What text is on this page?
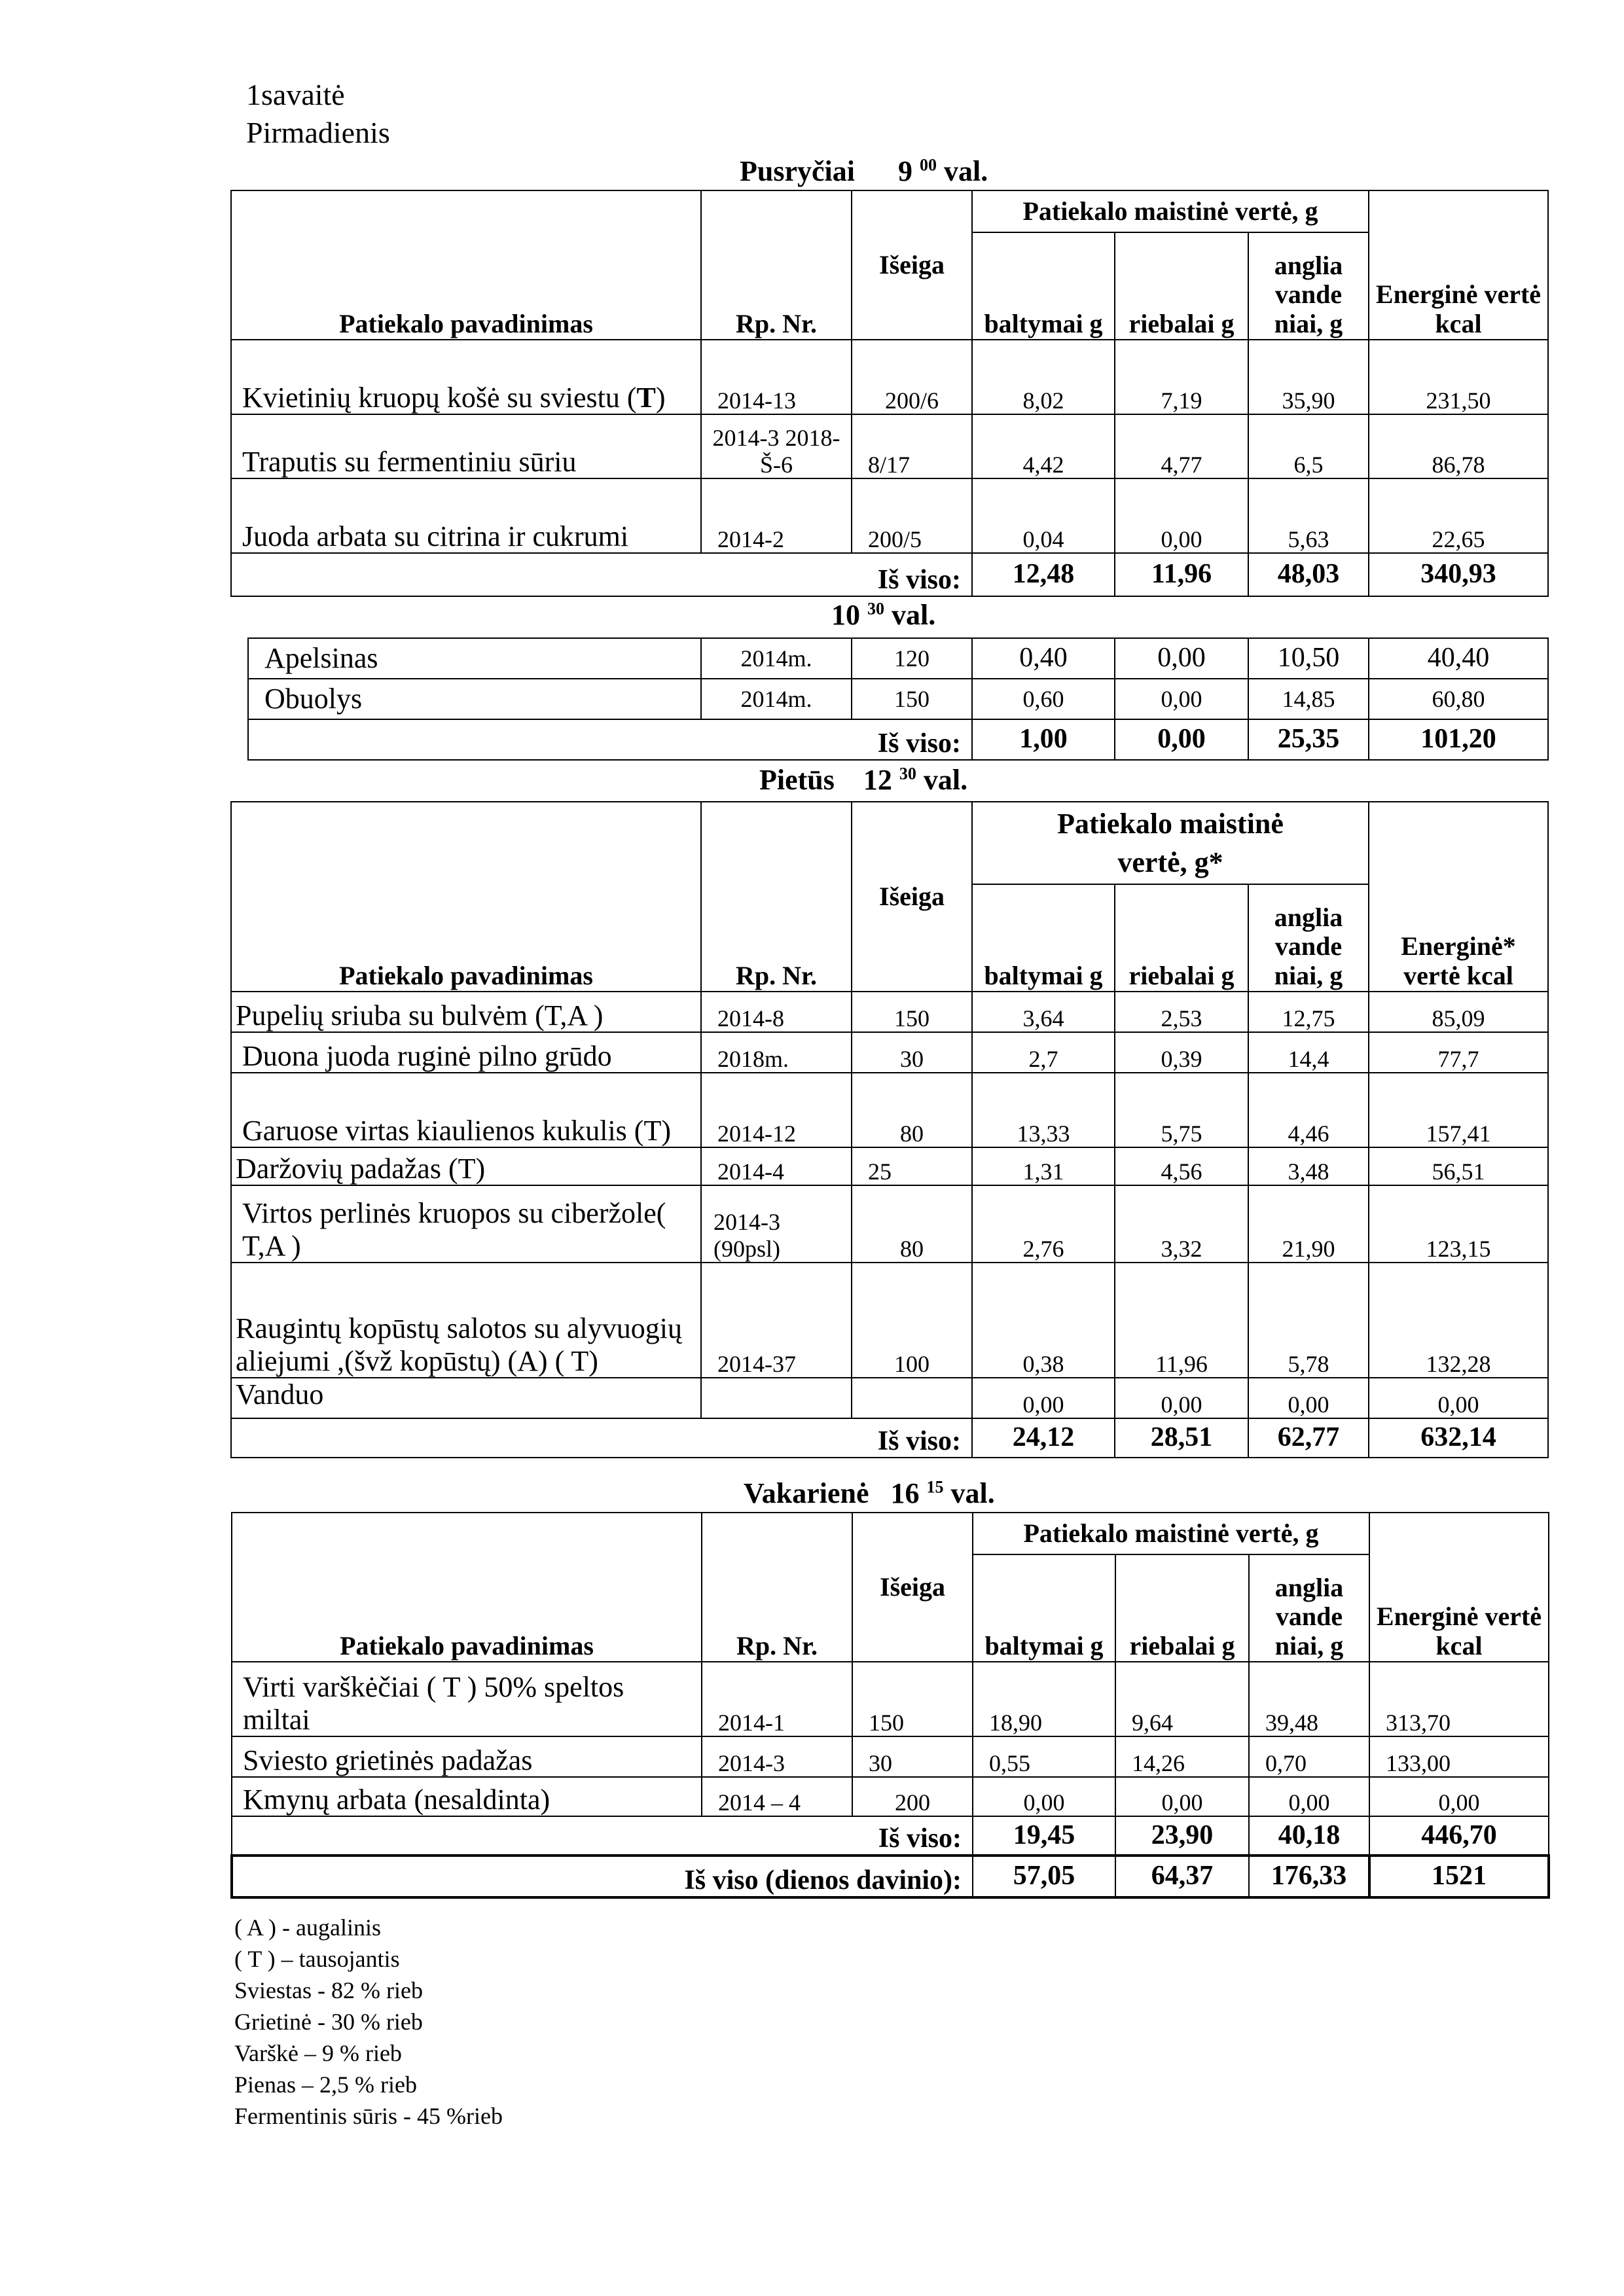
1savaitė
Pirmadienis
Pusryčiai 9 $^{00}$ val.
Patiekalo pavadinimas	Rp. Nr.	Išeiga	Patiekalo maistinė vertė, g			Energinė vertė kcal
			baltymai g	riebalai g	anglia vande niai, g	
Kvietinių kruopų košė su sviestu (T)	2014-13	200/6	8,02	7,19	35,90	231,50
Traputis su fermentiniu sūriu	2014-3 2018-Š-6	8/17	4,42	4,77	6,5	86,78
Juoda arbata su citrina ir cukrumi	2014-2	200/5	0,04	0,00	5,63	22,65
		Iš viso:	12,48	11,96	48,03	340,93
10 $^{30}$ val.
Apelsinas	2014m.	120	0,40	0,00	10,50	40,40
Obuolys	2014m.	150	0,60	0,00	14,85	60,80
		Iš viso:	1,00	0,00	25,35	101,20
Pietūs 12 $^{30}$ val.
Patiekalo pavadinimas	Rp. Nr.	Išeiga	Patiekalo maistinė vertė, g*			Energinė* vertė kcal
			baltymai g	riebalai g	anglia vande niai, g	
Pupelių sriuba su bulvėm (T,A )	2014-8	150	3,64	2,53	12,75	85,09
Duona juoda ruginė pilno grūdo	2018m.	30	2,7	0,39	14,4	77,7
Garuose virtas kiaulienos kukulis (T)	2014-12	80	13,33	5,75	4,46	157,41
Daržovių padažas (T)	2014-4	25	1,31	4,56	3,48	56,51
Virtos perlinės kruopos su ciberžole( T,A )	2014-3 (90psl)	80	2,76	3,32	21,90	123,15
Raugintų kopūstų salotos su alyvuogių aliejumi ,(švž kopūstų) (A) ( T)	2014-37	100	0,38	11,96	5,78	132,28
Vanduo			0,00	0,00	0,00	0,00
		Iš viso:	24,12	28,51	62,77	632,14
Vakarienė 16 $^{15}$ val.
Patiekalo pavadinimas	Rp. Nr.	Išeiga	Patiekalo maistinė vertė, g			Energinė vertė kcal
			baltymai g	riebalai g	anglia vande niai, g	
Virti varškėčiai ( T ) 50% speltos miltai	2014-1	150	18,90	9,64	39,48	313,70
Sviesto grietinės padažas	2014-3	30	0,55	14,26	0,70	133,00
Kmynų arbata (nesaldinta)	2014 – 4	200	0,00	0,00	0,00	0,00
		Iš viso:	19,45	23,90	40,18	446,70
Iš viso (dienos davinio):			57,05	64,37	176,33	1521
( A ) - augalinis
( T ) – tausojantis
Sviestas - 82 % rieb
Grietinė - 30 % rieb
Varškė – 9 % rieb
Pienas – 2,5 % rieb
Fermentinis sūris - 45 %rieb
